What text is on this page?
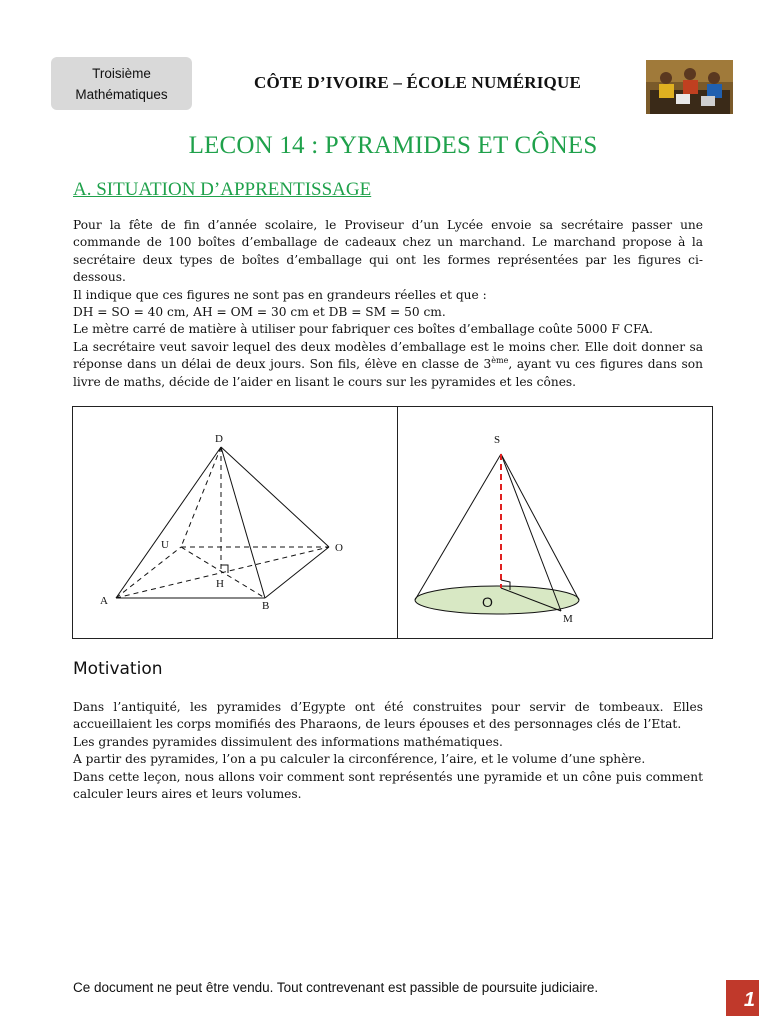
Troisième
Mathématiques
CÔTE D’IVOIRE – ÉCOLE NUMÉRIQUE
LECON 14 : PYRAMIDES ET CÔNES
A. SITUATION D’APPRENTISSAGE

Pour la fête de fin d’année scolaire, le Proviseur d’un Lycée envoie sa secrétaire passer une commande de 100 boîtes d’emballage de cadeaux chez un marchand. Le marchand propose à la secrétaire deux types de boîtes d’emballage qui ont les formes représentées par les figures ci-dessous.

Il indique que ces figures ne sont pas en grandeurs réelles et que :

DH = SO = 40 cm, AH = OM = 30 cm et DB = SM = 50 cm.

Le mètre carré de matière à utiliser pour fabriquer ces boîtes d’emballage coûte 5000 F CFA.

La secrétaire veut savoir lequel des deux modèles d’emballage est le moins cher. Elle doit donner sa réponse dans un délai de deux jours. Son fils, élève en classe de 3ème, ayant vu ces figures dans son livre de maths, décide de l’aider en lisant le cours sur les pyramides et les cônes.

D
U	O
A	B
H
S
O
M
Motivation

Dans l’antiquité, les pyramides d’Egypte ont été construites pour servir de tombeaux. Elles accueillaient les corps momifiés des Pharaons, de leurs épouses et des personnages clés de l’Etat.

Les grandes pyramides dissimulent des informations mathématiques.

A partir des pyramides, l’on a pu calculer la circonférence, l’aire, et le volume d’une sphère.

Dans cette leçon, nous allons voir comment sont représentés une pyramide et un cône puis comment calculer leurs aires et leurs volumes.

Ce document ne peut être vendu. Tout contrevenant est passible de poursuite judiciaire.
1
